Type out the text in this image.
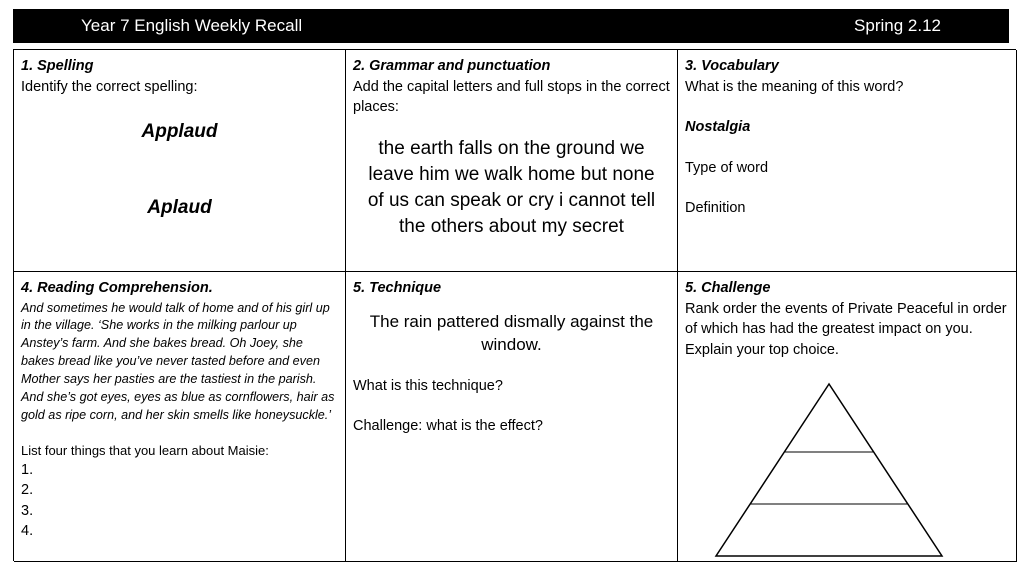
Year 7 English Weekly Recall	Spring 2.12
1. Spelling
Identify the correct spelling:
Applaud
Aplaud
2. Grammar and punctuation
Add the capital letters and full stops in the correct places:
the earth falls on the ground we leave him we walk home but none of us can speak or cry i cannot tell the others about my secret
3. Vocabulary
What is the meaning of this word?
Nostalgia
Type of word
Definition
4. Reading Comprehension.
And sometimes he would talk of home and of his girl up in the village. ‘She works in the milking parlour up Anstey’s farm. And she bakes bread. Oh Joey, she bakes bread like you’ve never tasted before and even Mother says her pasties are the tastiest in the parish. And she’s got eyes, eyes as blue as cornflowers, hair as gold as ripe corn, and her skin smells like honeysuckle.’
List four things that you learn about Maisie:
1.
2.
3.
4.
5. Technique
The rain pattered dismally against the window.
What is this technique?
Challenge: what is the effect?
5. Challenge
Rank order the events of Private Peaceful in order of which has had the greatest impact on you. Explain your top choice.
